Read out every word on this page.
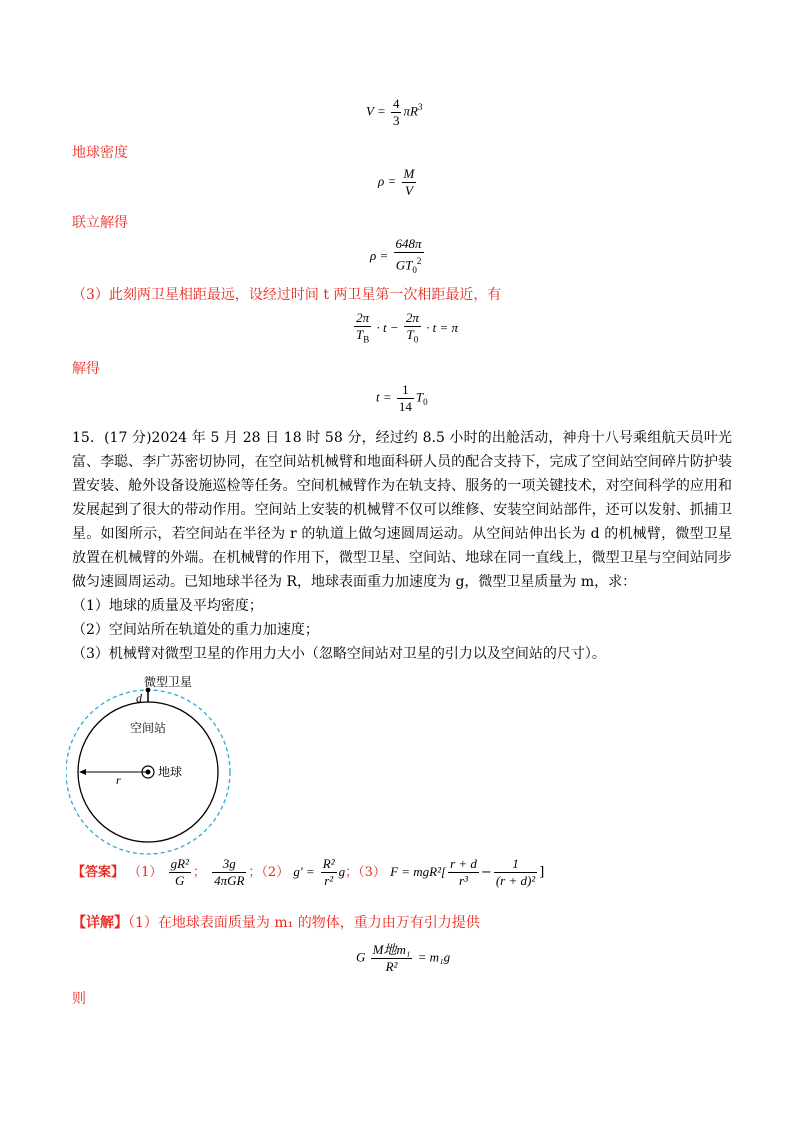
$V = \frac{4}{3} \pi R^3$
地球密度
$\rho = \frac{M}{V}$
联立解得
$\rho = \frac{648\pi}{GT_0^2}$
（3）此刻两卫星相距最远，设经过时间 t 两卫星第一次相距最近，有
$\frac{2\pi}{T_B} \cdot t - \frac{2\pi}{T_0} \cdot t = \pi$
解得
$t = \frac{1}{14} T_0$

15．(17 分)2024 年 5 月 28 日 18 时 58 分，经过约 8.5 小时的出舱活动，神舟十八号乘组航天员叶光富、李聪、李广苏密切协同，在空间站机械臂和地面科研人员的配合支持下，完成了空间站空间碎片防护装置安装、舱外设备设施巡检等任务。空间机械臂作为在轨支持、服务的一项关键技术，对空间科学的应用和发展起到了很大的带动作用。空间站上安装的机械臂不仅可以维修、安装空间站部件，还可以发射、抓捕卫星。如图所示，若空间站在半径为 r 的轨道上做匀速圆周运动。从空间站伸出长为 d 的机械臂，微型卫星放置在机械臂的外端。在机械臂的作用下，微型卫星、空间站、地球在同一直线上，微型卫星与空间站同步做匀速圆周运动。已知地球半径为 R，地球表面重力加速度为 g，微型卫星质量为 m，求：

（1）地球的质量及平均密度；

（2）空间站所在轨道处的重力加速度；

（3）机械臂对微型卫星的作用力大小（忽略空间站对卫星的引力以及空间站的尺寸）。

微型卫星
d
空间站
r
地球
【答案】 $(1) \frac{\text{gR²}}{G}$ ； $\frac{3g}{\text{4πGR}}$ ；（2） $g' = \frac{\text{R²}}{\text{r²}}$ g；（3） $F = mgR^2[ \frac{r + d}{\text{r³}} - \frac{1}{\text{(r + d)²}}$ ]
【详解】（1）在地球表面质量为 m₁ 的物体，重力由万有引力提供
G $\frac{\text{M地m₁}}{\text{R²}} = m_1g$
则
